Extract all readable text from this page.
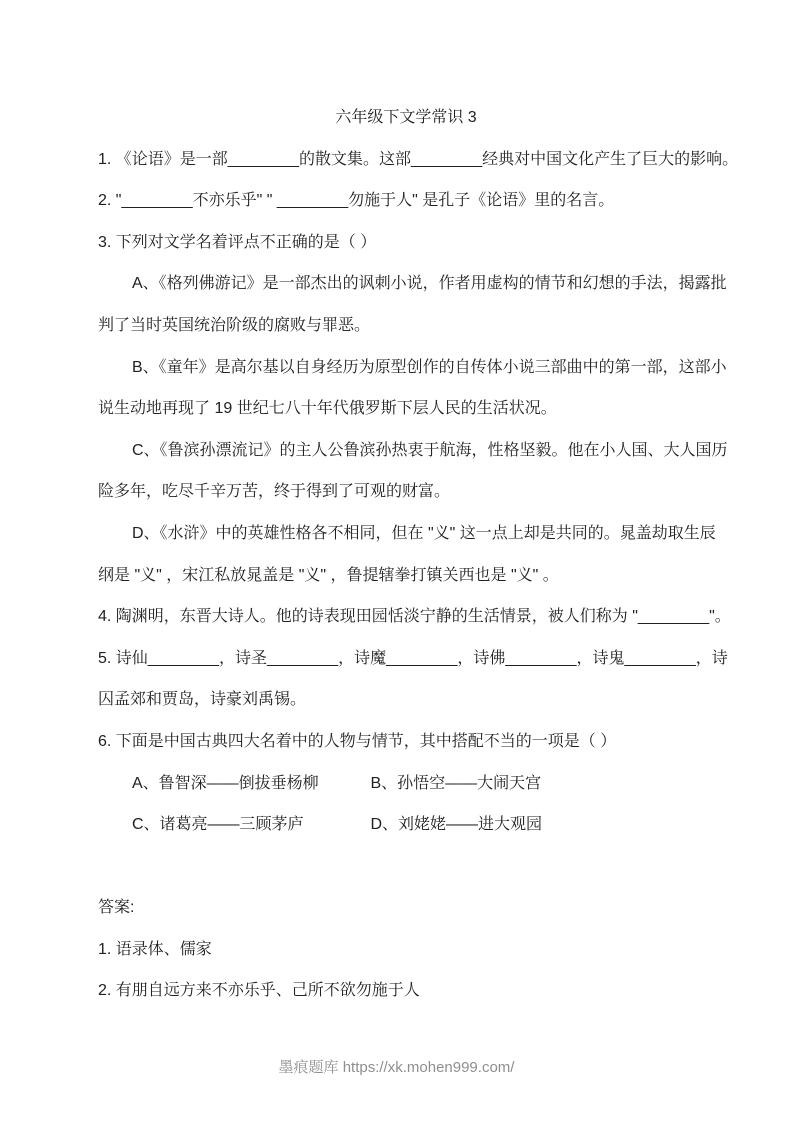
六年级下文学常识 3
1. 《论语》是一部________的散文集。这部________经典对中国文化产生了巨大的影响。
2. "________不亦乐乎" " ________勿施于人" 是孔子《论语》里的名言。
3. 下列对文学名着评点不正确的是（ ）
A、《格列佛游记》是一部杰出的讽刺小说，作者用虚构的情节和幻想的手法，揭露批
判了当时英国统治阶级的腐败与罪恶。
B、《童年》是高尔基以自身经历为原型创作的自传体小说三部曲中的第一部，这部小
说生动地再现了 19 世纪七八十年代俄罗斯下层人民的生活状况。
C、《鲁滨孙漂流记》的主人公鲁滨孙热衷于航海，性格坚毅。他在小人国、大人国历
险多年，吃尽千辛万苦，终于得到了可观的财富。
D、《水浒》中的英雄性格各不相同，但在 "义" 这一点上却是共同的。晁盖劫取生辰
纲是 "义" ，宋江私放晁盖是 "义" ，鲁提辖拳打镇关西也是 "义" 。
4. 陶渊明，东晋大诗人。他的诗表现田园恬淡宁静的生活情景，被人们称为 "________"。
5. 诗仙________，诗圣________，诗魔________，诗佛________，诗鬼________，诗
囚孟郊和贾岛，诗豪刘禹锡。
6. 下面是中国古典四大名着中的人物与情节，其中搭配不当的一项是（ ）
A、鲁智深——倒拔垂杨柳	B、孙悟空——大闹天宫
C、诸葛亮——三顾茅庐	D、刘姥姥——进大观园
答案:
1. 语录体、儒家
2. 有朋自远方来不亦乐乎、己所不欲勿施于人
墨痕题库 https://xk.mohen999.com/
